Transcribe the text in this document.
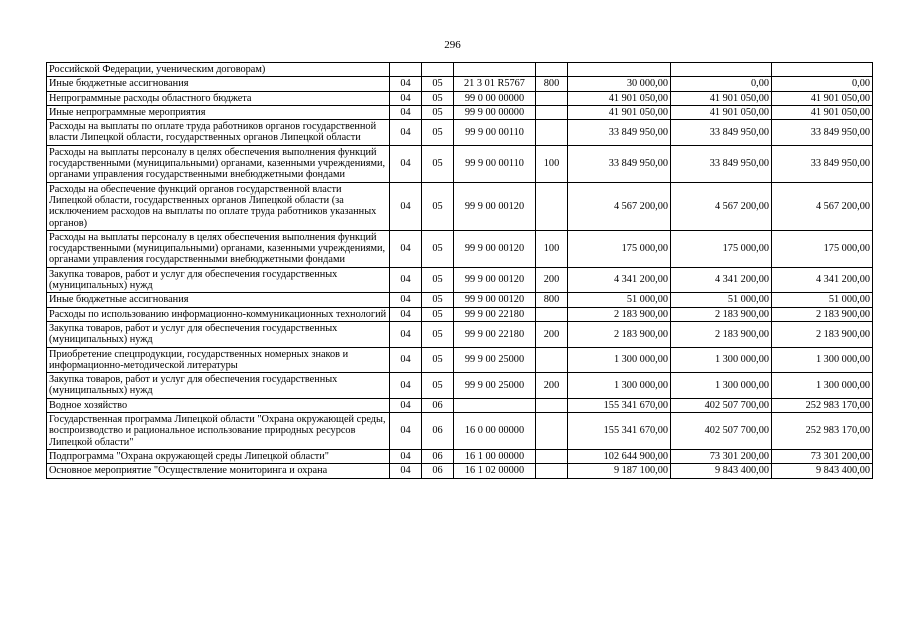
296
Российской Федерации, ученическим договорам)							
Иные бюджетные ассигнования	04	05	21 3 01 R5767	800	30 000,00	0,00	0,00
Непрограммные расходы областного бюджета	04	05	99 0 00 00000		41 901 050,00	41 901 050,00	41 901 050,00
Иные непрограммные мероприятия	04	05	99 9 00 00000		41 901 050,00	41 901 050,00	41 901 050,00
Расходы на выплаты по оплате труда работников органов государственной власти Липецкой области, государственных органов Липецкой области	04	05	99 9 00 00110		33 849 950,00	33 849 950,00	33 849 950,00
Расходы на выплаты персоналу в целях обеспечения выполнения функций государственными (муниципальными) органами, казенными учреждениями, органами управления государственными внебюджетными фондами	04	05	99 9 00 00110	100	33 849 950,00	33 849 950,00	33 849 950,00
Расходы на обеспечение функций органов государственной власти Липецкой области, государственных органов Липецкой области (за исключением расходов на выплаты по оплате труда работников указанных органов)	04	05	99 9 00 00120		4 567 200,00	4 567 200,00	4 567 200,00
Расходы на выплаты персоналу в целях обеспечения выполнения функций государственными (муниципальными) органами, казенными учреждениями, органами управления государственными внебюджетными фондами	04	05	99 9 00 00120	100	175 000,00	175 000,00	175 000,00
Закупка товаров, работ и услуг для обеспечения государственных (муниципальных) нужд	04	05	99 9 00 00120	200	4 341 200,00	4 341 200,00	4 341 200,00
Иные бюджетные ассигнования	04	05	99 9 00 00120	800	51 000,00	51 000,00	51 000,00
Расходы по использованию информационно-коммуникационных технологий	04	05	99 9 00 22180		2 183 900,00	2 183 900,00	2 183 900,00
Закупка товаров, работ и услуг для обеспечения государственных (муниципальных) нужд	04	05	99 9 00 22180	200	2 183 900,00	2 183 900,00	2 183 900,00
Приобретение спецпродукции, государственных номерных знаков и информационно-методической литературы	04	05	99 9 00 25000		1 300 000,00	1 300 000,00	1 300 000,00
Закупка товаров, работ и услуг для обеспечения государственных (муниципальных) нужд	04	05	99 9 00 25000	200	1 300 000,00	1 300 000,00	1 300 000,00
Водное хозяйство	04	06			155 341 670,00	402 507 700,00	252 983 170,00
Государственная программа Липецкой области "Охрана окружающей среды, воспроизводство и рациональное использование природных ресурсов Липецкой области"	04	06	16 0 00 00000		155 341 670,00	402 507 700,00	252 983 170,00
Подпрограмма "Охрана окружающей среды Липецкой области"	04	06	16 1 00 00000		102 644 900,00	73 301 200,00	73 301 200,00
Основное мероприятие "Осуществление мониторинга и охрана	04	06	16 1 02 00000		9 187 100,00	9 843 400,00	9 843 400,00
